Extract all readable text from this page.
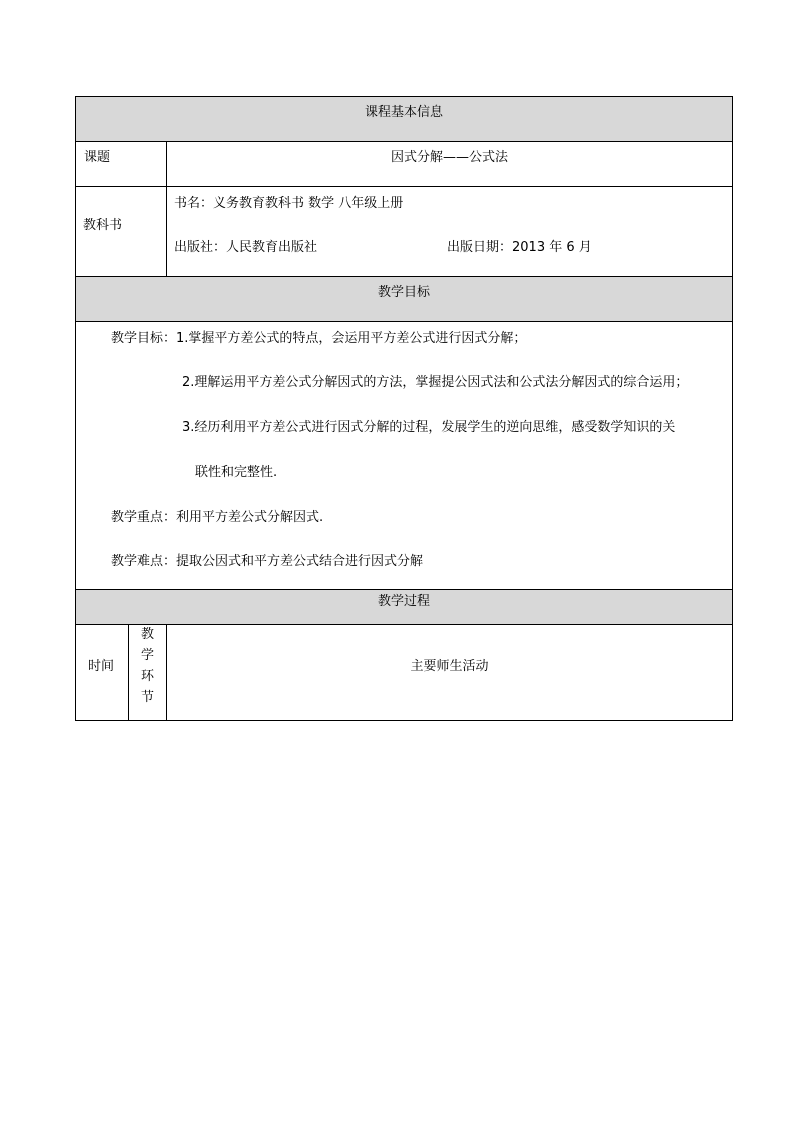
课程基本信息
课题	因式分解——公式法
教科书
书名：义务教育教科书 数学 八年级上册
出版社：人民教育出版社	出版日期：2013 年 6 月
教学目标
教学目标：1.掌握平方差公式的特点，会运用平方差公式进行因式分解；
2.理解运用平方差公式分解因式的方法，掌握提公因式法和公式法分解因式的综合运用；
3.经历利用平方差公式进行因式分解的过程，发展学生的逆向思维，感受数学知识的关
联性和完整性.
教学重点：利用平方差公式分解因式.
教学难点：提取公因式和平方差公式结合进行因式分解
教学过程
时间
教
学
环
节
主要师生活动
